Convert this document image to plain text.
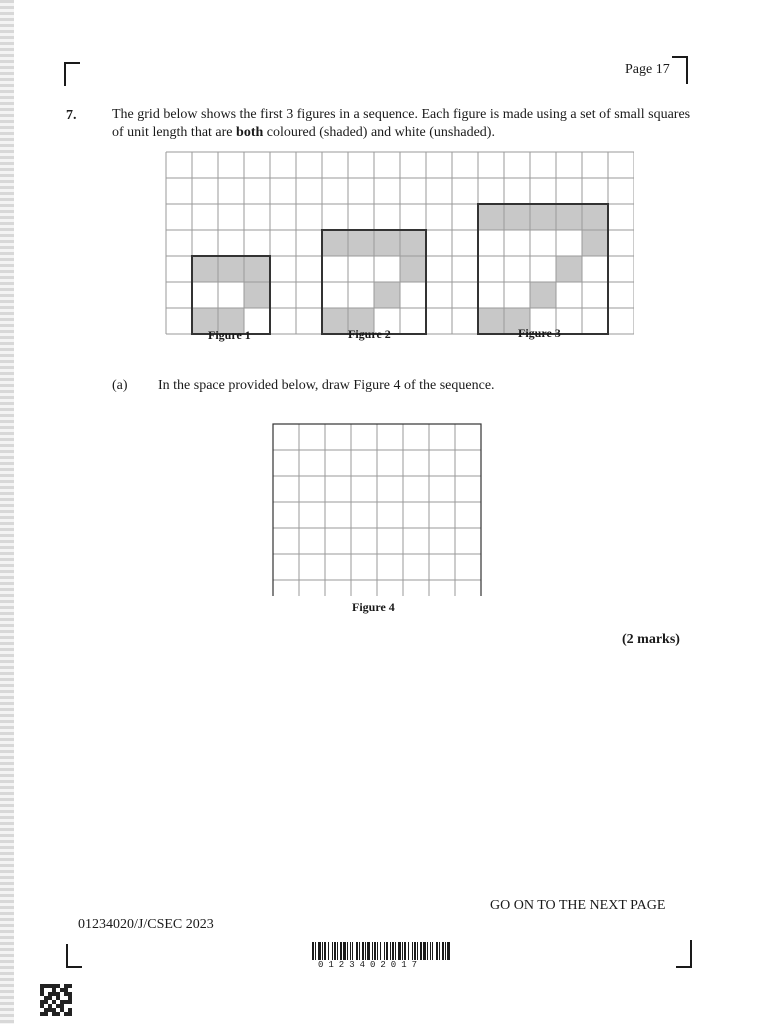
Page 17
7.	The grid below shows the first 3 figures in a sequence. Each figure is made using a set of small squares of unit length that are both coloured (shaded) and white (unshaded).
Figure 1	Figure 2	Figure 3
(a) In the space provided below, draw Figure 4 of the sequence.
Figure 4
(2 marks)
GO ON TO THE NEXT PAGE
01234020/J/CSEC 2023
0123402017
